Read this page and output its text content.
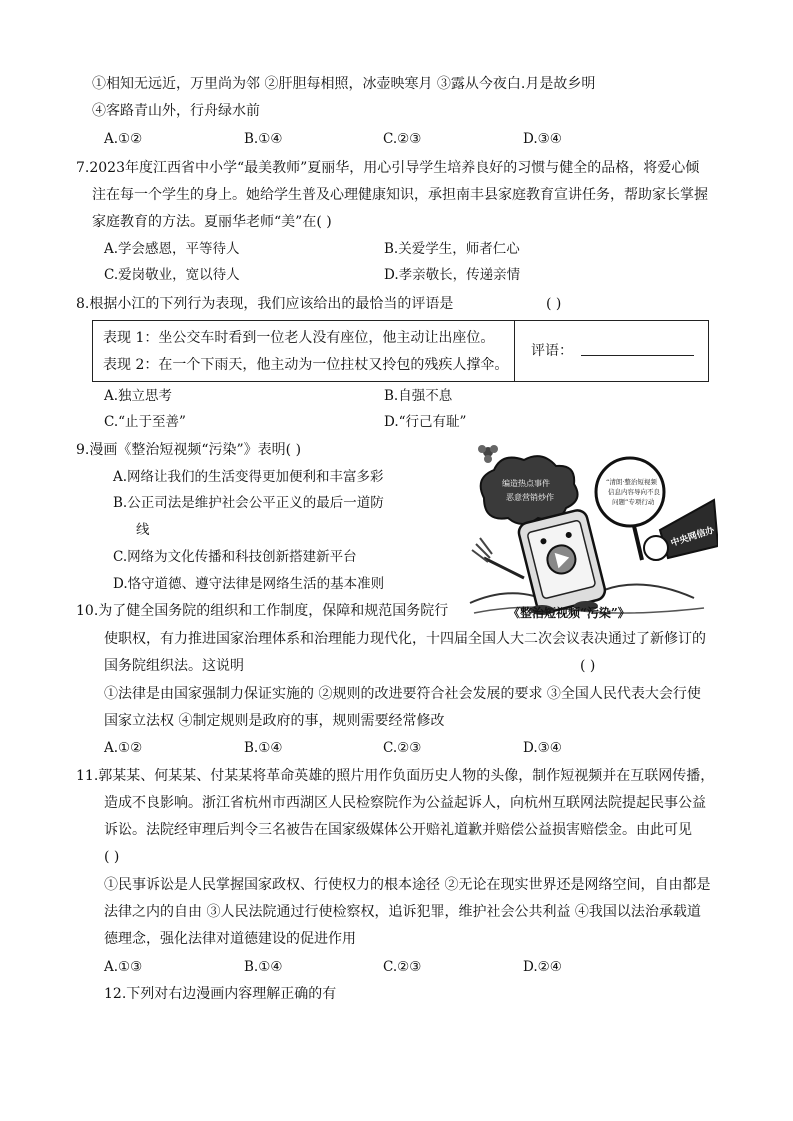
①相知无远近，万里尚为邻 ②肝胆每相照，冰壶映寒月 ③露从今夜白.月是故乡明
④客路青山外，行舟绿水前
A.①②	B.①④	C.②③	D.③④
7.2023年度江西省中小学“最美教师”夏丽华，用心引导学生培养良好的习惯与健全的品格，将爱心倾
注在每一个学生的身上。她给学生普及心理健康知识，承担南丰县家庭教育宣讲任务，帮助家长掌握
家庭教育的方法。夏丽华老师“美”在( )
A.学会感恩，平等待人	B.关爱学生，师者仁心
C.爱岗敬业，宽以待人	D.孝亲敬长，传递亲情
8.根据小江的下列行为表现，我们应该给出的最恰当的评语是	( )
表现 1：坐公交车时看到一位老人没有座位，他主动让出座位。
表现 2：在一个下雨天，他主动为一位拄杖又拎包的残疾人撑伞。
评语：
A.独立思考	B.自强不息
C.“止于至善”	D.“行己有耻”
9.漫画《整治短视频“污染”》表明( )
A.网络让我们的生活变得更加便利和丰富多彩
B.公正司法是维护社会公平正义的最后一道防
线
C.网络为文化传播和科技创新搭建新平台
D.恪守道德、遵守法律是网络生活的基本准则
编造热点事件
恶意营销炒作
“清朗·整治短视频
信息内容导向不良
问题”专项行动
中央网信办
《整治短视频“污染”》
10.为了健全国务院的组织和工作制度，保障和规范国务院行
使职权，有力推进国家治理体系和治理能力现代化，十四届全国人大二次会议表决通过了新修订的
国务院组织法。这说明	( )
①法律是由国家强制力保证实施的 ②规则的改进要符合社会发展的要求 ③全国人民代表大会行使
国家立法权 ④制定规则是政府的事，规则需要经常修改
A.①②	B.①④	C.②③	D.③④
11.郭某某、何某某、付某某将革命英雄的照片用作负面历史人物的头像，制作短视频并在互联网传播，
造成不良影响。浙江省杭州市西湖区人民检察院作为公益起诉人，向杭州互联网法院提起民事公益
诉讼。法院经审理后判令三名被告在国家级媒体公开赔礼道歉并赔偿公益损害赔偿金。由此可见
( )
①民事诉讼是人民掌握国家政权、行使权力的根本途径 ②无论在现实世界还是网络空间，自由都是
法律之内的自由 ③人民法院通过行使检察权，追诉犯罪，维护社会公共利益 ④我国以法治承载道
德理念，强化法律对道德建设的促进作用
A.①③	B.①④	C.②③	D.②④
12.下列对右边漫画内容理解正确的有
